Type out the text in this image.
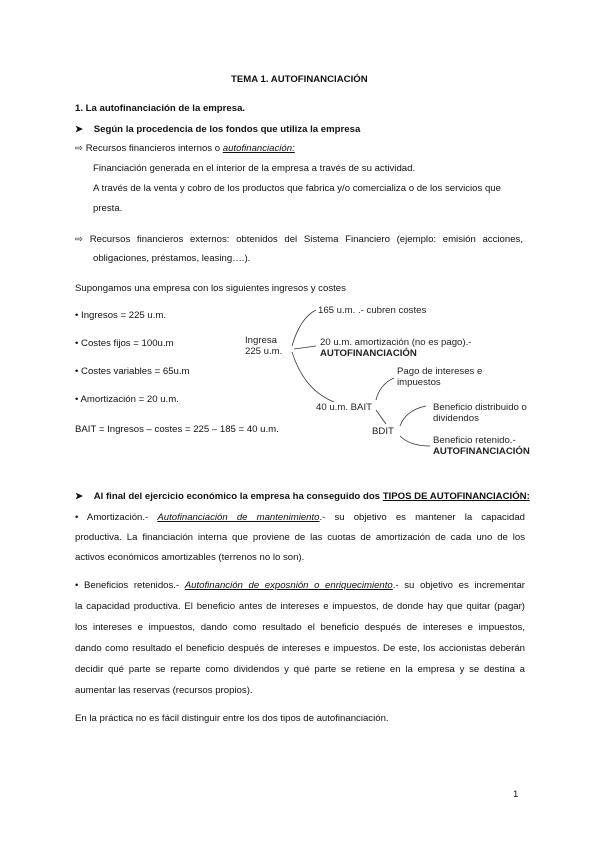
TEMA 1. AUTOFINANCIACIÓN
1. La autofinanciación de la empresa.
➤ Según la procedencia de los fondos que utiliza la empresa
⇨ Recursos financieros internos o autofinanciación:
Financiación generada en el interior de la empresa a través de su actividad.
A través de la venta y cobro de los productos que fabrica y/o comercializa o de los servicios que
presta.
⇨ Recursos financieros externos: obtenidos del Sistema Financiero (ejemplo: emisión acciones,
obligaciones, préstamos, leasing….).
Supongamos una empresa con los siguientes ingresos y costes
• Ingresos = 225 u.m.
• Costes fijos = 100u.m
• Costes variables = 65u.m
• Amortización = 20 u.m.
BAIT = Ingresos – costes = 225 – 185 = 40 u.m.
Ingresa
225 u.m.
165 u.m. .- cubren costes
20 u.m. amortización (no es pago).-
AUTOFINANCIACIÓN
Pago de intereses e
impuestos
40 u.m. BAIT
BDIT
Beneficio distribuido o
dividendos
Beneficio retenido.-
AUTOFINANCIACIÓN
➤ Al final del ejercicio económico la empresa ha conseguido dos TIPOS DE AUTOFINANCIACIÓN:
• Amortización.- Autofinanciación de mantenimiento.- su objetivo es mantener la capacidad
productiva. La financiación interna que proviene de las cuotas de amortización de cada uno de los
activos económicos amortizables (terrenos no lo son).
• Beneficios retenidos.- Autofinanción de exposnión o enriquecimiento.- su objetivo es incrementar
la capacidad productiva. El beneficio antes de intereses e impuestos, de donde hay que quitar (pagar)
los intereses e impuestos, dando como resultado el beneficio después de intereses e impuestos,
dando como resultado el beneficio después de intereses e impuestos. De este, los accionistas deberán
decidir qué parte se reparte como dividendos y qué parte se retiene en la empresa y se destina a
aumentar las reservas (recursos propios).
En la práctica no es fácil distinguir entre los dos tipos de autofinanciación.
1
